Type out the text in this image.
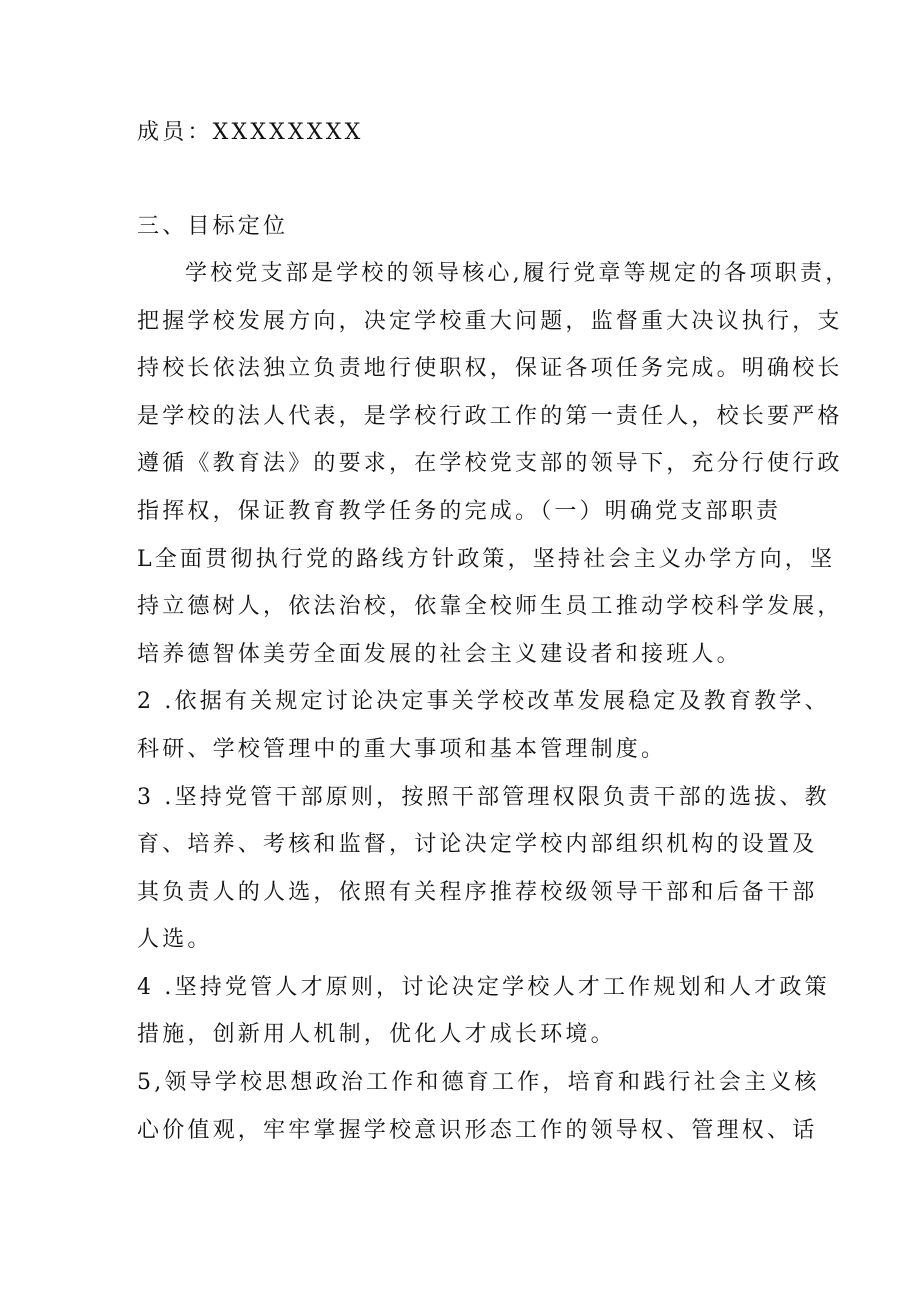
成员：XXXXXXXX
三、目标定位
学校党支部是学校的领导核心,履行党章等规定的各项职责，
把握学校发展方向，决定学校重大问题，监督重大决议执行，支
持校长依法独立负责地行使职权，保证各项任务完成。明确校长
是学校的法人代表，是学校行政工作的第一责任人，校长要严格
遵循《教育法》的要求，在学校党支部的领导下，充分行使行政
指挥权，保证教育教学任务的完成。（一）明确党支部职责
L全面贯彻执行党的路线方针政策，坚持社会主义办学方向，坚
持立德树人，依法治校，依靠全校师生员工推动学校科学发展，
培养德智体美劳全面发展的社会主义建设者和接班人。
2 .依据有关规定讨论决定事关学校改革发展稳定及教育教学、
科研、学校管理中的重大事项和基本管理制度。
3 .坚持党管干部原则，按照干部管理权限负责干部的选拔、教
育、培养、考核和监督，讨论决定学校内部组织机构的设置及
其负责人的人选，依照有关程序推荐校级领导干部和后备干部
人选。
4 .坚持党管人才原则，讨论决定学校人才工作规划和人才政策
措施，创新用人机制，优化人才成长环境。
5,领导学校思想政治工作和德育工作，培育和践行社会主义核
心价值观，牢牢掌握学校意识形态工作的领导权、管理权、话
